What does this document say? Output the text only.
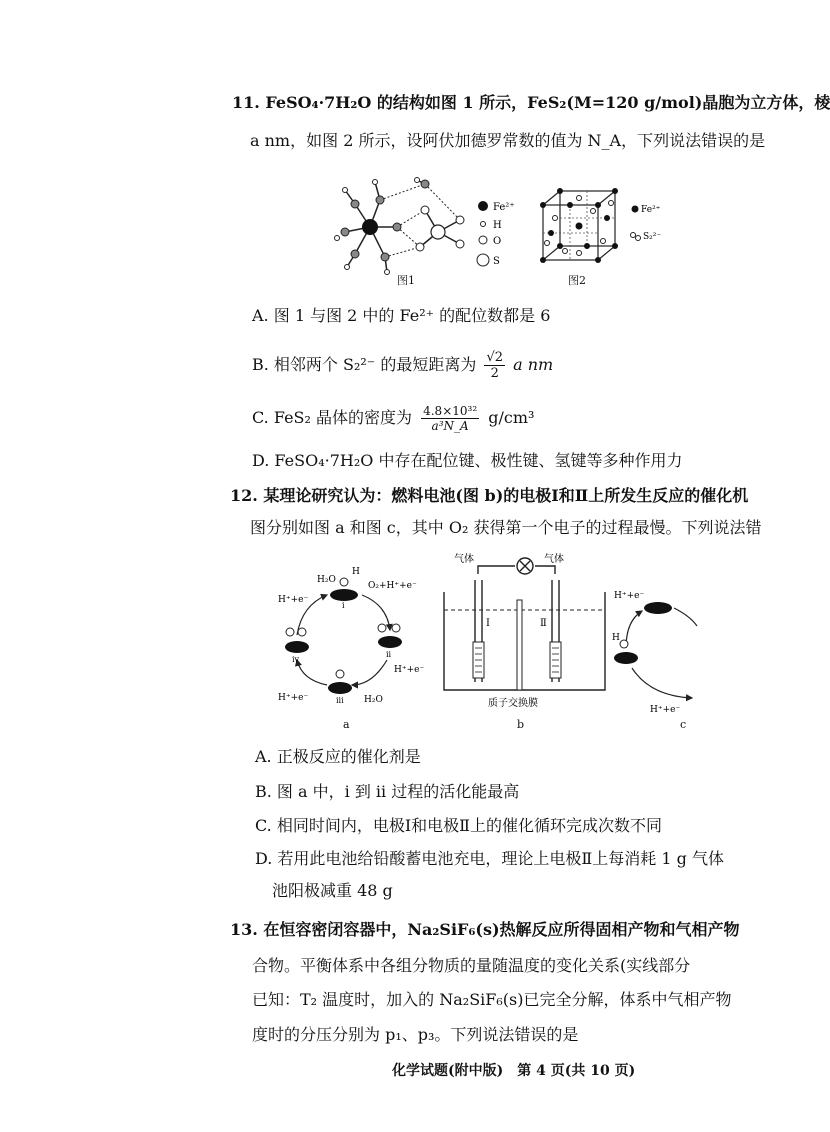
11. FeSO₄·7H₂O 的结构如图 1 所示，FeS₂(M=120 g/mol)晶胞为立方体，棱
a nm，如图 2 所示，设阿伏加德罗常数的值为 N_A，下列说法错误的是
Fe²⁺
H
O
S
图1
Fe²⁺
S₂²⁻
图2
A. 图 1 与图 2 中的 Fe²⁺ 的配位数都是 6
B. 相邻两个 S₂²⁻ 的最短距离为 $\frac{√2}{2}$ a nm
C. FeS₂ 晶体的密度为 $\frac{\text{4.8×10³²}}{\text{a³N\_A}} g/cm^3$
D. FeSO₄·7H₂O 中存在配位键、极性键、氢键等多种作用力
12. 某理论研究认为：燃料电池(图 b)的电极Ⅰ和Ⅱ上所发生反应的催化机
图分别如图 a 和图 c，其中 O₂ 获得第一个电子的过程最慢。下列说法错
H
H₂O
O₂+H⁺+e⁻
H⁺+e⁻
H⁺+e⁻
H⁺+e⁻	H₂O
i
ii
iii
iv
a
气体	气体
Ⅰ	Ⅱ
质子交换膜
b
H
H⁺+e⁻
H⁺+e⁻
c
A. 正极反应的催化剂是
B. 图 a 中，ⅰ 到 ⅱ 过程的活化能最高
C. 相同时间内，电极Ⅰ和电极Ⅱ上的催化循环完成次数不同
D. 若用此电池给铅酸蓄电池充电，理论上电极Ⅱ上每消耗 1 g 气体
池阳极减重 48 g
13. 在恒容密闭容器中，Na₂SiF₆(s)热解反应所得固相产物和气相产物
合物。平衡体系中各组分物质的量随温度的变化关系(实线部分
已知：T₂ 温度时，加入的 Na₂SiF₆(s)已完全分解，体系中气相产物
度时的分压分别为 p₁、p₃。下列说法错误的是
化学试题(附中版)　第 4 页(共 10 页)
